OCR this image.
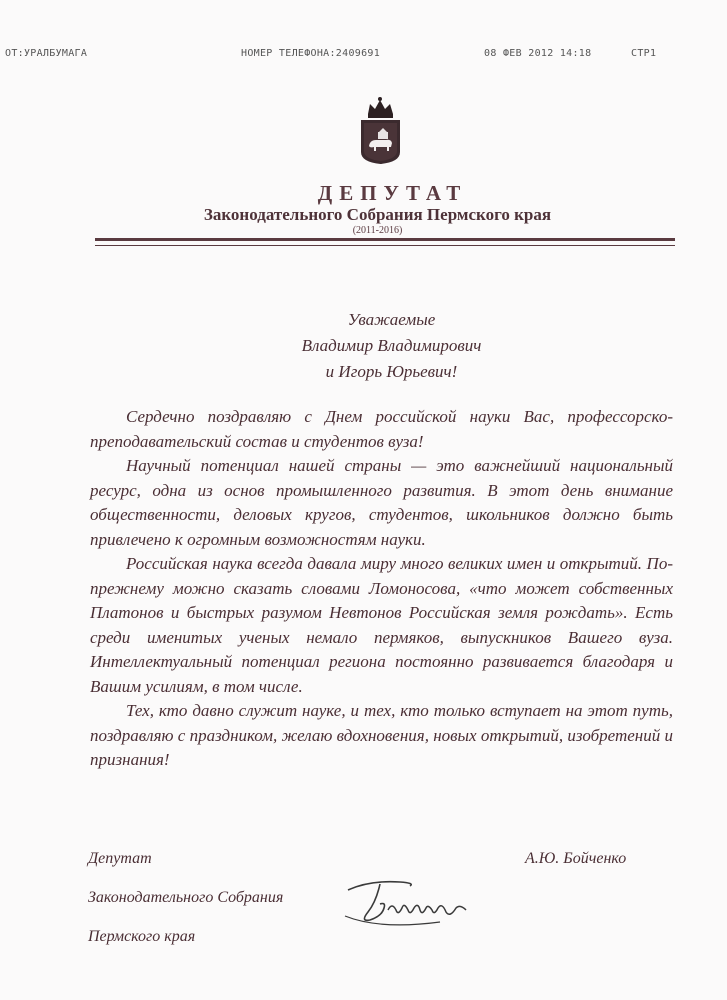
ОТ:УРАЛБУМАГА	НОМЕР ТЕЛЕФОНА:2409691	08 ФЕВ 2012 14:18	СТР1
ДЕПУТАТ
Законодательного Собрания Пермского края
(2011-2016)
Уважаемые
Владимир Владимирович
и Игорь Юрьевич!

Сердечно поздравляю с Днем российской науки Вас, профессорско-преподавательский состав и студентов вуза!

Научный потенциал нашей страны — это важнейший национальный ресурс, одна из основ промышленного развития. В этот день внимание общественности, деловых кругов, студентов, школьников должно быть привлечено к огромным возможностям науки.

Российская наука всегда давала миру много великих имен и открытий. По-прежнему можно сказать словами Ломоносова, «что может собственных Платонов и быстрых разумом Невтонов Российская земля рождать». Есть среди именитых ученых немало пермяков, выпускников Вашего вуза. Интеллектуальный потенциал региона постоянно развивается благодаря и Вашим усилиям, в том числе.

Тех, кто давно служит науке, и тех, кто только вступает на этот путь, поздравляю с праздником, желаю вдохновения, новых открытий, изобретений и признания!

Депутат
Законодательного Собрания
Пермского края
А.Ю. Бойченко
